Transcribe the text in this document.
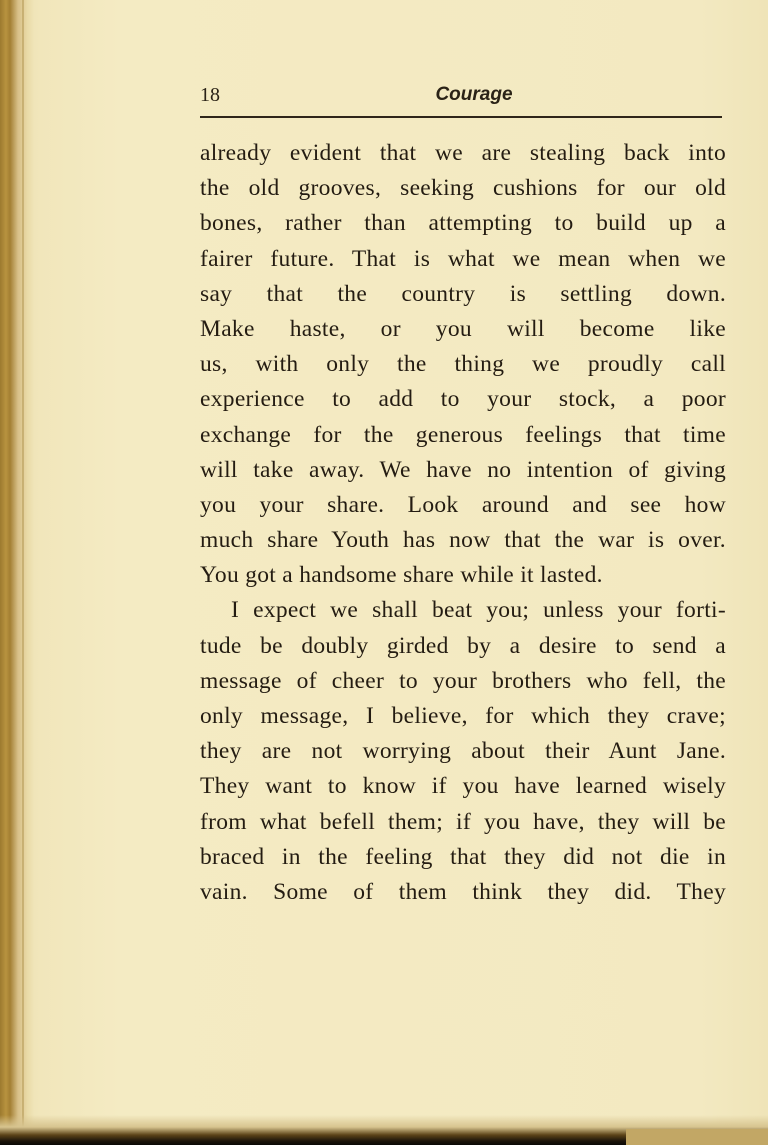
18	Courage
already evident that we are stealing back into
the old grooves, seeking cushions for our old
bones, rather than attempting to build up a
fairer future. That is what we mean when we
say that the country is settling down.
Make haste, or you will become like
us, with only the thing we proudly call
experience to add to your stock, a poor
exchange for the generous feelings that time
will take away. We have no intention of giving
you your share. Look around and see how
much share Youth has now that the war is over.
You got a handsome share while it lasted.
I expect we shall beat you; unless your forti-
tude be doubly girded by a desire to send a
message of cheer to your brothers who fell, the
only message, I believe, for which they crave;
they are not worrying about their Aunt Jane.
They want to know if you have learned wisely
from what befell them; if you have, they will be
braced in the feeling that they did not die in
vain. Some of them think they did. They
